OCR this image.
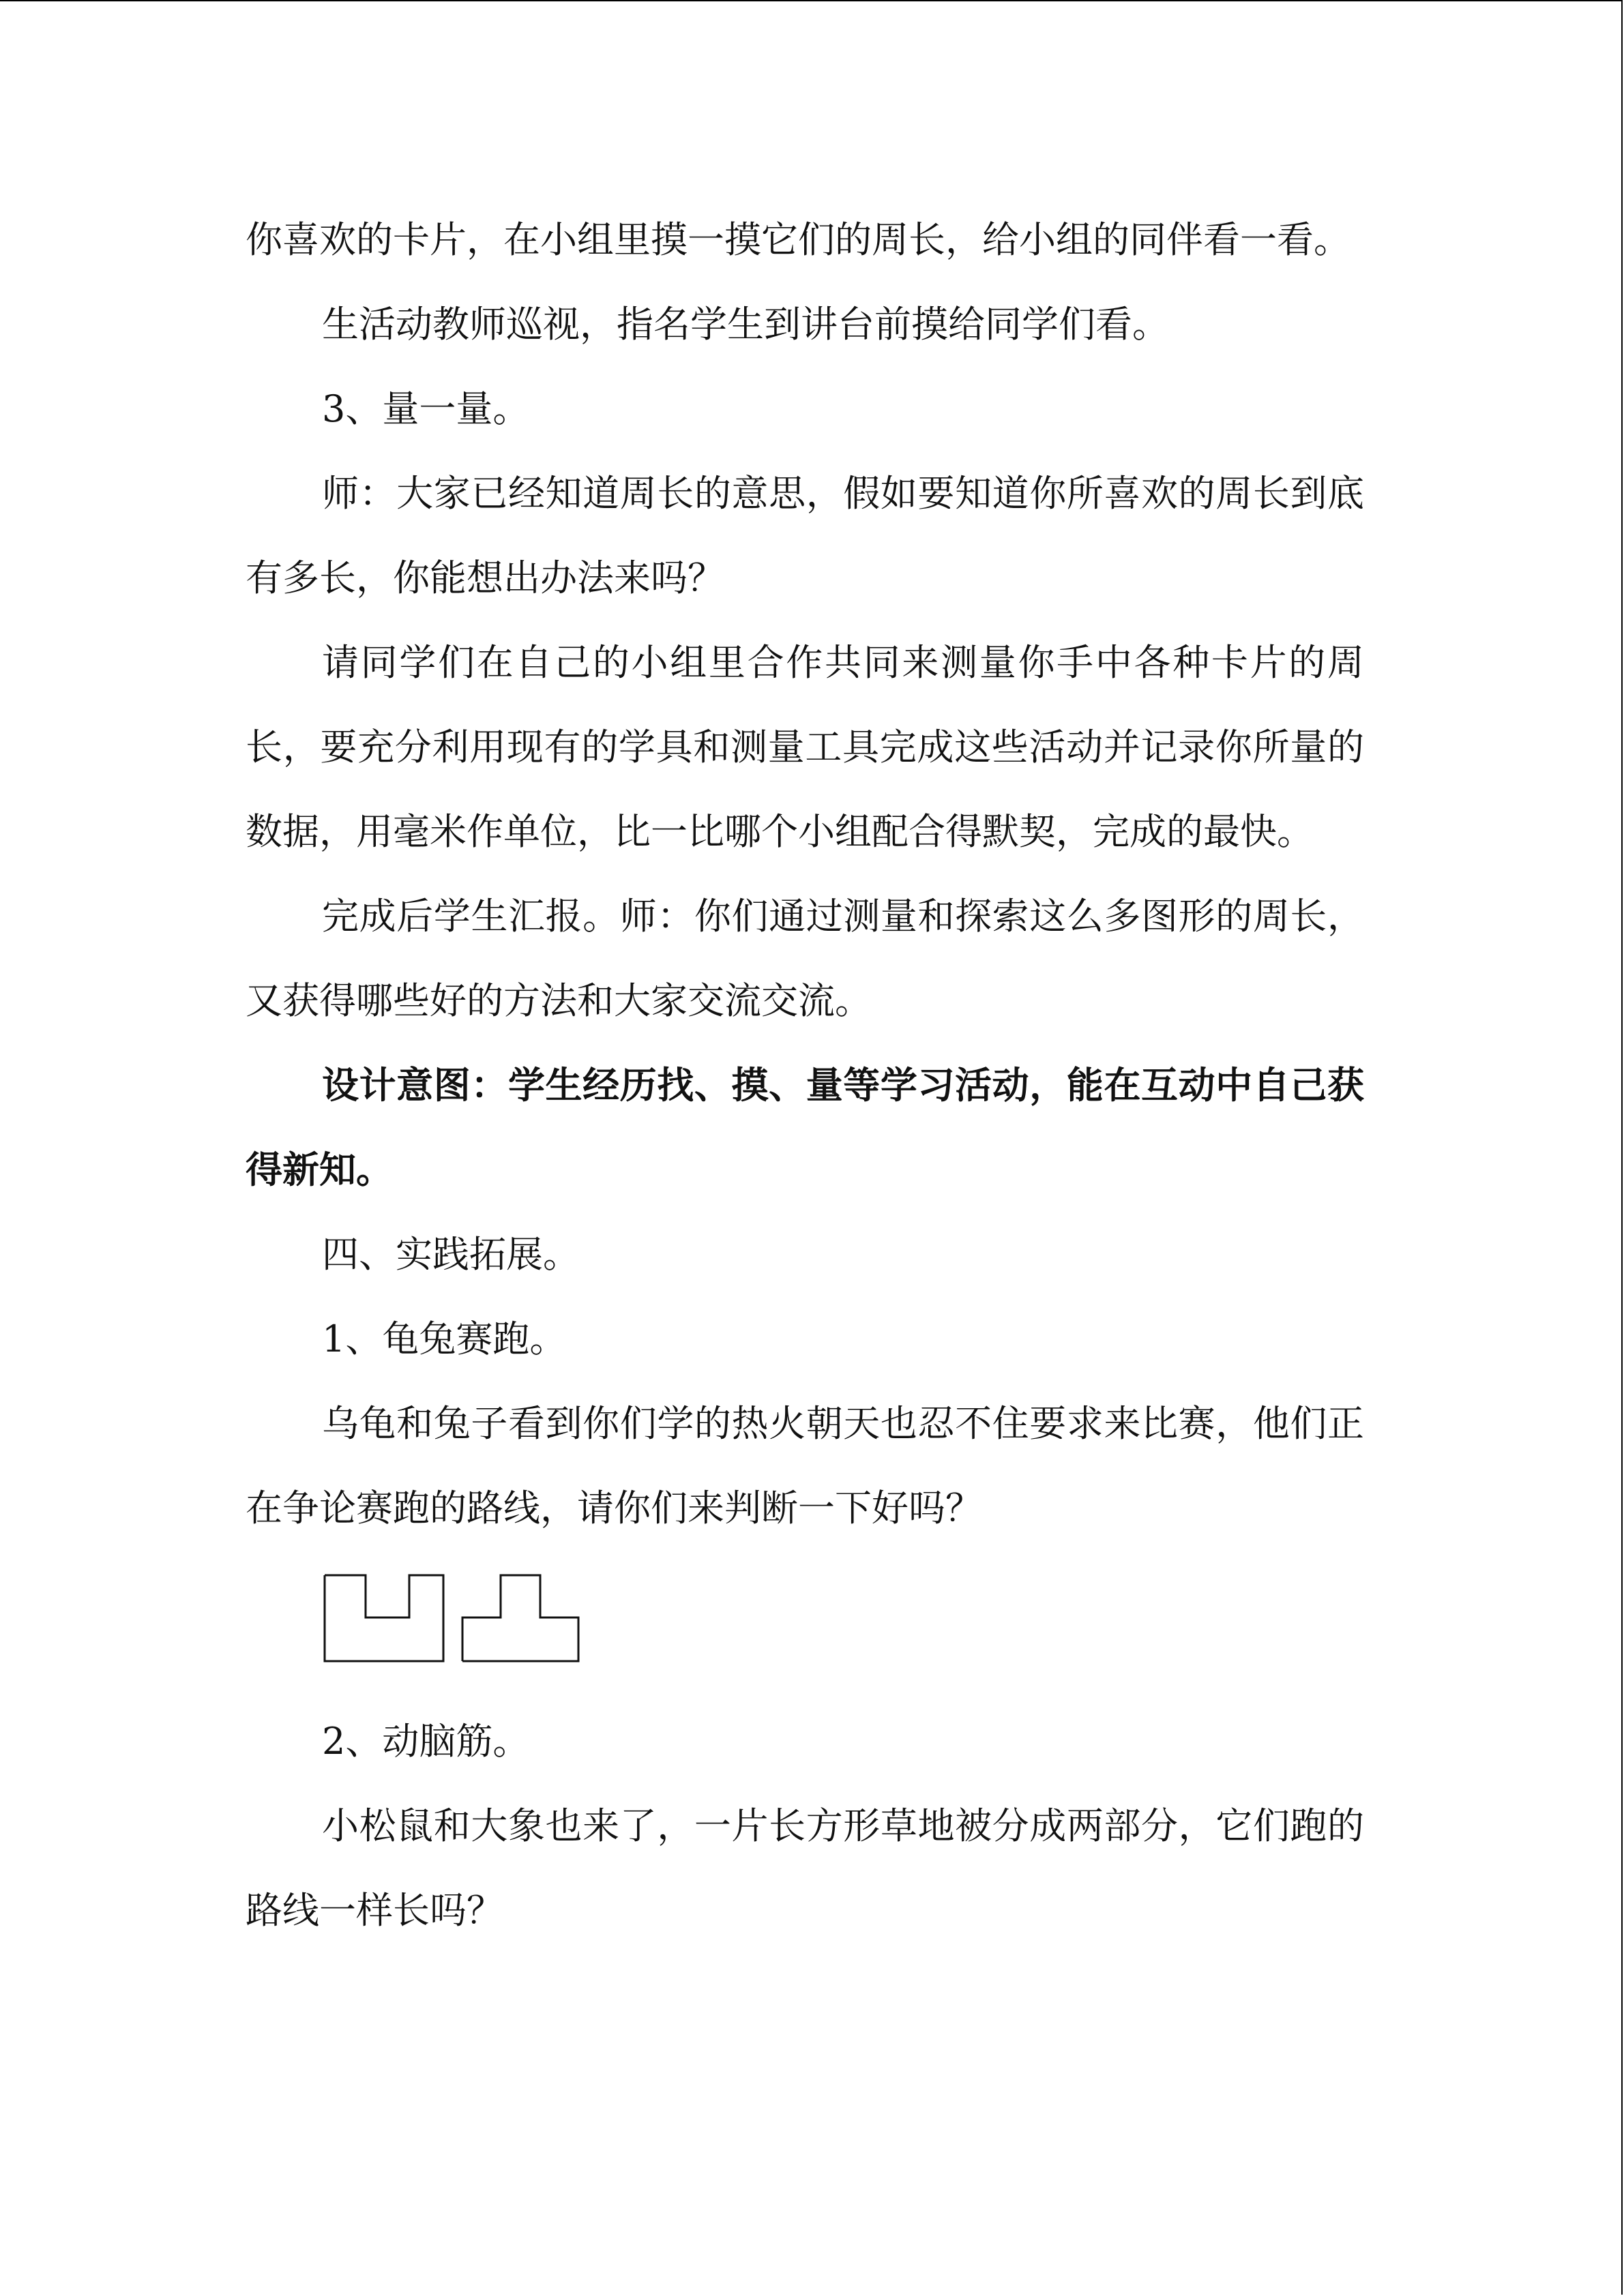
你喜欢的卡片，在小组里摸一摸它们的周长，给小组的同伴看一看。

生活动教师巡视，指名学生到讲台前摸给同学们看。

3、量一量。

师：大家已经知道周长的意思，假如要知道你所喜欢的周长到底有多长，你能想出办法来吗？

请同学们在自己的小组里合作共同来测量你手中各种卡片的周长，要充分利用现有的学具和测量工具完成这些活动并记录你所量的数据，用毫米作单位，比一比哪个小组配合得默契，完成的最快。

完成后学生汇报。师：你们通过测量和探索这么多图形的周长，又获得哪些好的方法和大家交流交流。

设计意图：学生经历找、摸、量等学习活动，能在互动中自己获得新知。

四、实践拓展。

1、龟兔赛跑。

乌龟和兔子看到你们学的热火朝天也忍不住要求来比赛，他们正在争论赛跑的路线，请你们来判断一下好吗？

2、动脑筋。

小松鼠和大象也来了，一片长方形草地被分成两部分，它们跑的路线一样长吗？
